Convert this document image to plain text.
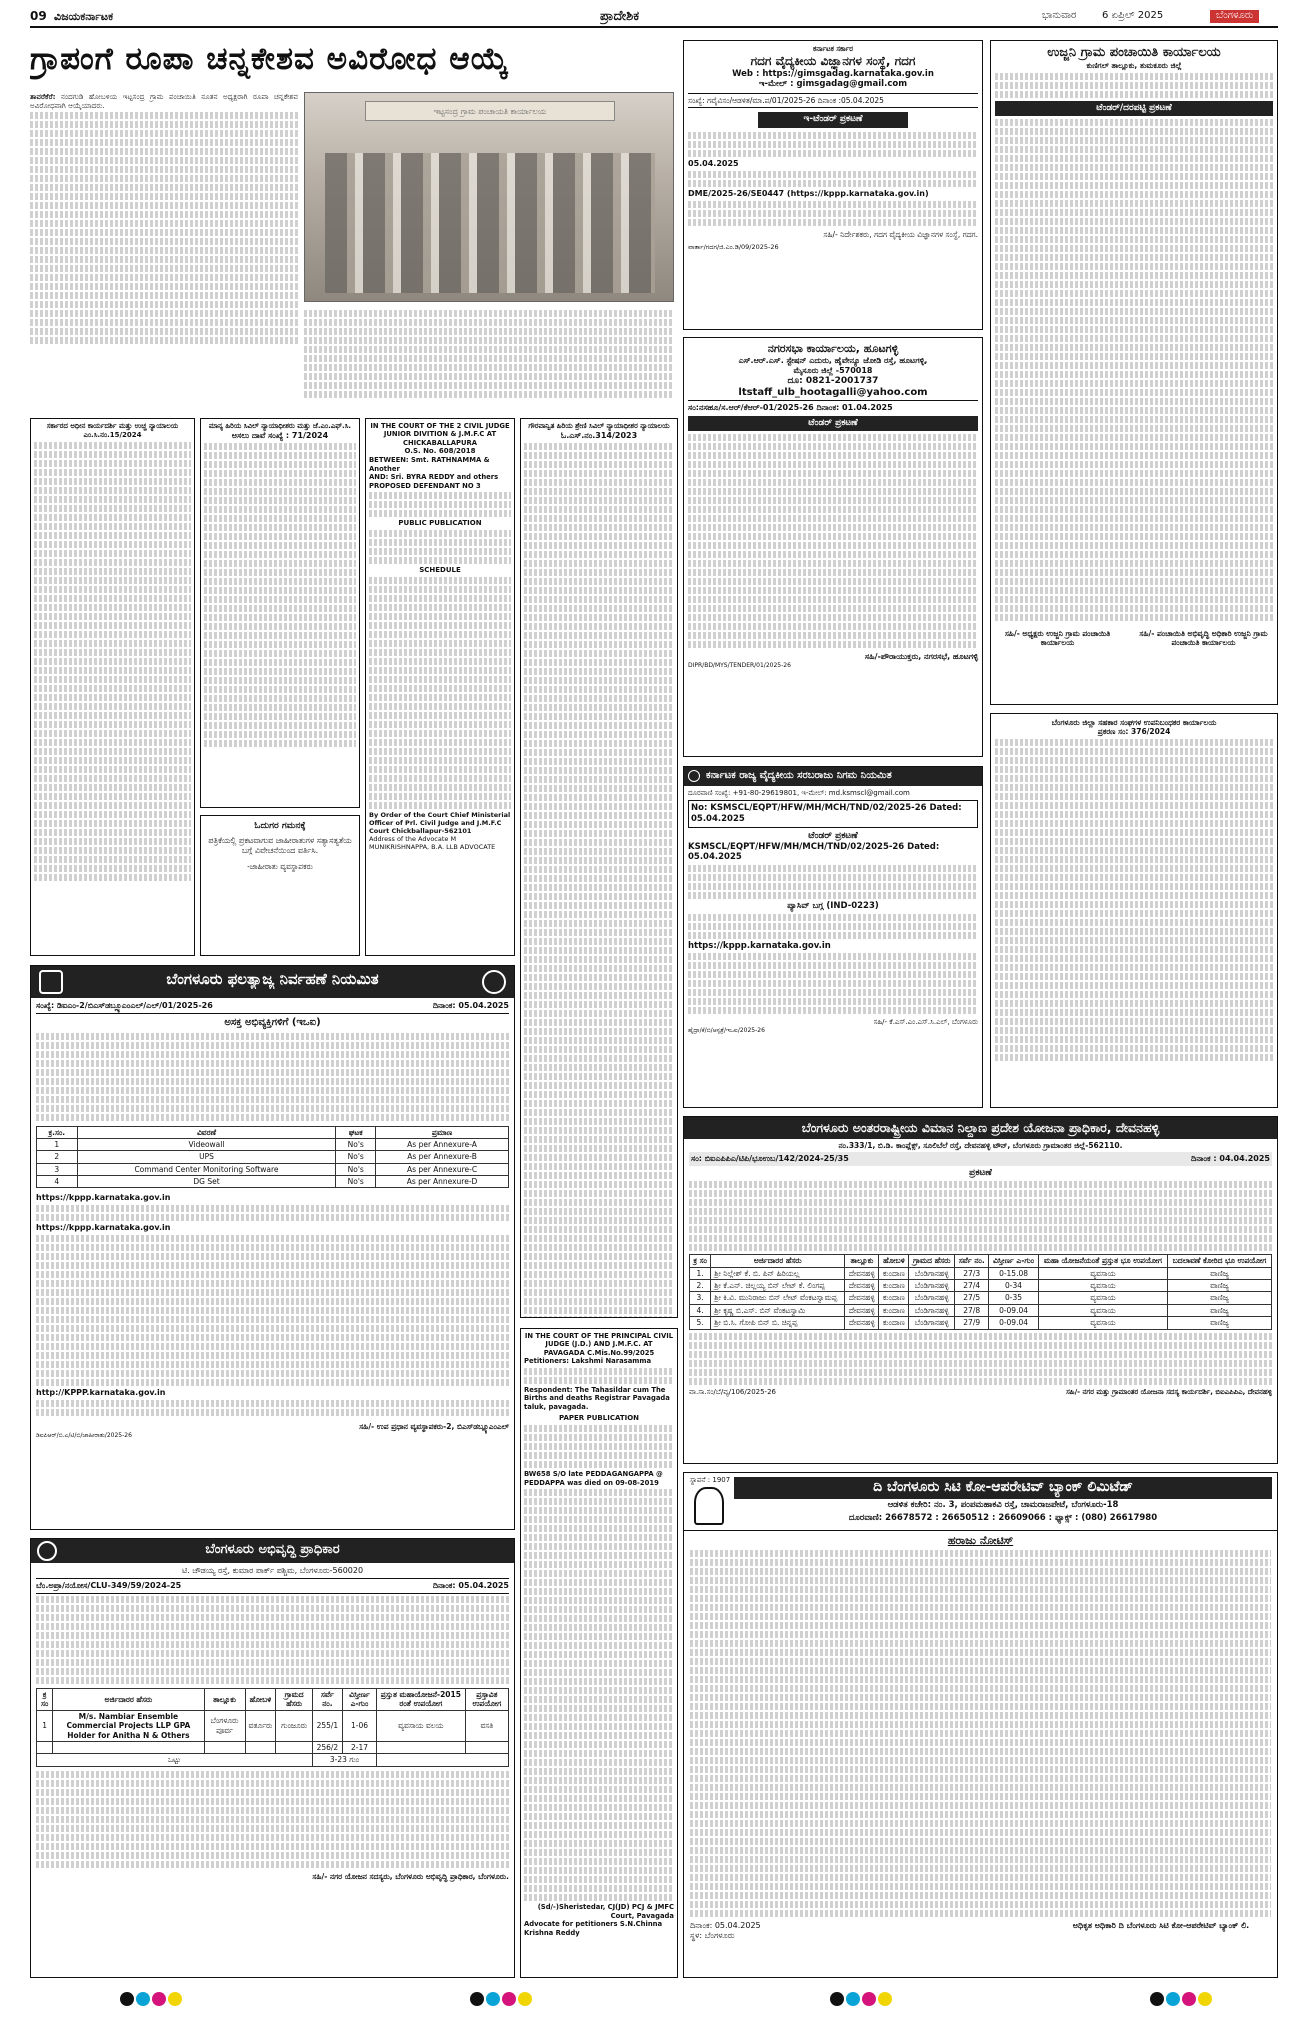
09 ವಿಜಯಕರ್ನಾಟಕ	ಪ್ರಾದೇಶಿಕ	ಭಾನುವಾರ	6 ಏಪ್ರಿಲ್ 2025	ಬೆಂಗಳೂರು
ಗ್ರಾಪಂಗೆ ರೂಪಾ ಚನ್ನಕೇಶವ ಅವಿರೋಧ ಆಯ್ಕೆ
ತಾವರೆಕೆರೆ: ನಂದಗುಡಿ ಹೋಬಳಿಯ ಇಟ್ಟಸಂದ್ರ ಗ್ರಾಮ ಪಂಚಾಯಿತಿ ನೂತನ ಅಧ್ಯಕ್ಷರಾಗಿ ರೂಪಾ ಚನ್ನಕೇಶವ ಅವಿರೋಧವಾಗಿ ಆಯ್ಕೆಯಾದರು.
ಇಟ್ಟಸಂದ್ರ ಗ್ರಾಮ ಪಂಚಾಯತಿ ಕಾರ್ಯಾಲಯ
ಕರ್ನಾಟಕ ಸರ್ಕಾರ
ಗದಗ ವೈದ್ಯಕೀಯ ವಿಜ್ಞಾನಗಳ ಸಂಸ್ಥೆ, ಗದಗ
Web : https://gimsgadag.karnataka.gov.in
ಇ-ಮೇಲ್ : gimsgadag@gmail.com
ಸಂಖ್ಯೆ: ಗವೈವಿಸಂ/ಆಡಳಿತ/ಮಾ.ಪ/01/2025-26 ದಿನಾಂಕ :05.04.2025
ಇ-ಟೆಂಡರ್ ಪ್ರಕಟಣೆ
05.04.2025
DME/2025-26/SE0447 (https://kppp.karnataka.gov.in)
ಸಹಿ/- ನಿರ್ದೇಶಕರು, ಗದಗ ವೈದ್ಯಕೀಯ ವಿಜ್ಞಾನಗಳ ಸಂಸ್ಥೆ, ಗದಗ.
ವಾರ್ತಾ/ಗದಗ/ಜಿ.ಎಂ.ಡಿ/09/2025-26
ನಗರಸಭಾ ಕಾರ್ಯಾಲಯ, ಹೂಟಗಳ್ಳಿ
ಎಸ್.ಆರ್.ಎಸ್. ಸ್ಟೇಷನ್ ಎದುರು, ಹೈವೇನ್ಯೂ ಜೋಡಿ ರಸ್ತೆ, ಹೂಟಗಳ್ಳಿ,
ಮೈಸೂರು ಜಿಲ್ಲೆ -570018
ದೂ: 0821-2001737
ltstaff_ulb_hootagalli@yahoo.com
ಸಂ:ನಸಹೂ/ಸ.ಆರ್/ಕೆಆರ್-01/2025-26 ದಿನಾಂಕ: 01.04.2025
ಟೆಂಡರ್ ಪ್ರಕಟಣೆ
ಸಹಿ/-ಪೌರಾಯುಕ್ತರು, ನಗರಸಭೆ, ಹೂಟಗಳ್ಳಿ
DIPR/BD/MYS/TENDER/01/2025-26
ಕರ್ನಾಟಕ ರಾಜ್ಯ ವೈದ್ಯಕೀಯ ಸರಬರಾಜು ನಿಗಮ ನಿಯಮಿತ
ದೂರವಾಣಿ ಸಂಖ್ಯೆ: +91-80-29619801, ಇ-ಮೇಲ್: md.ksmscl@gmail.com
No: KSMSCL/EQPT/HFW/MH/MCH/TND/02/2025-26 Dated: 05.04.2025
ಟೆಂಡರ್ ಪ್ರಕಟಣೆ
KSMSCL/EQPT/HFW/MH/MCH/TND/02/2025-26 Dated: 05.04.2025
ಪ್ಯಾಸಿವ್ ಬಗ್ಗ (IND-0223)
https://kppp.karnataka.gov.in
ಸಹಿ/- ಕೆ.ಎಸ್.ಎಂ.ಎಸ್.ಸಿ.ಎಲ್, ಬೆಂಗಳೂರು
ಹೈದ್ರಾ/ಕೆ/ಬಿ/ಆಸ್ಪತ್ರೆ/ಇಒಐ/2025-26
ಉಜ್ಜನಿ ಗ್ರಾಮ ಪಂಚಾಯಿತಿ ಕಾರ್ಯಾಲಯ
ಕುಣಿಗಲ್ ತಾಲ್ಲೂಕು, ತುಮಕೂರು ಜಿಲ್ಲೆ
ಟೆಂಡರ್/ದರಪಟ್ಟಿ ಪ್ರಕಟಣೆ
ಸಹಿ/- ಅಧ್ಯಕ್ಷರು ಉಜ್ಜನಿ ಗ್ರಾಮ ಪಂಚಾಯಿತಿ ಕಾರ್ಯಾಲಯ
ಸಹಿ/- ಪಂಚಾಯಿತಿ ಅಭಿವೃದ್ಧಿ ಅಧಿಕಾರಿ ಉಜ್ಜನಿ ಗ್ರಾಮ ಪಂಚಾಯಿತಿ ಕಾರ್ಯಾಲಯ
ಬೆಂಗಳೂರು ಜಿಲ್ಲಾ ಸಹಕಾರ ಸಂಘಗಳ ಉಪನಿಬಂಧಕರ ಕಾರ್ಯಾಲಯ
ಪ್ರಕರಣ ಸಂ: 376/2024
ಸರ್ಕಾರದ ಅಧೀನ ಕಾರ್ಯದರ್ಶಿ ಮತ್ತು ಉಚ್ಚ ನ್ಯಾಯಾಲಯ
ಎಂ.ಸಿ.ನಂ.15/2024
ಮಾನ್ಯ ಹಿರಿಯ ಸಿವಿಲ್ ನ್ಯಾಯಾಧೀಶರು ಮತ್ತು ಜೆ.ಎಂ.ಎಫ್.ಸಿ.
ಅಸಲು ದಾವೆ ಸಂಖ್ಯೆ : 71/2024
ಓದುಗರ ಗಮನಕ್ಕೆ
ಪತ್ರಿಕೆಯಲ್ಲಿ ಪ್ರಕಟವಾಗುವ ಜಾಹೀರಾತುಗಳ ಸತ್ಯಾಸತ್ಯತೆಯ ಬಗ್ಗೆ ವಿವೇಚನೆಯಿಂದ ವರ್ತಿಸಿ.
-ಜಾಹೀರಾತು ವ್ಯವಸ್ಥಾಪಕರು
IN THE COURT OF THE 2 CIVIL JUDGE JUNIOR DIVITION & J.M.F.C AT CHICKABALLAPURA
O.S. No. 608/2018
BETWEEN: Smt. RATHNAMMA & Another
AND: Sri. BYRA REDDY and others
PROPOSED DEFENDANT NO 3
PUBLIC PUBLICATION
SCHEDULE
By Order of the Court Chief Ministerial Officer of Prl. Civil Judge and J.M.F.C Court Chickballapur-562101
Address of the Advocate M MUNIKRISHNAPPA, B.A. LLB ADVOCATE
ಗೌರವಾನ್ವಿತ ಹಿರಿಯ ಶ್ರೇಣಿ ಸಿವಿಲ್ ನ್ಯಾಯಾಧೀಶರ ನ್ಯಾಯಾಲಯ
ಓ.ಎಸ್.ನಂ.314/2023
ಬೆಂಗಳೂರು ಫಲತ್ಯಾಜ್ಯ ನಿರ್ವಹಣೆ ನಿಯಮಿತ
ಸಂಖ್ಯೆ: ಡಿಐಎಂ-2/ಬಿಎಸ್‌ಡಬ್ಲ್ಯೂಎಂಎಲ್/ಎಲ್/01/2025-26	ದಿನಾಂಕ: 05.04.2025
ಅಸಕ್ತ ಅಭಿವ್ಯಕ್ತಿಗಳಿಗೆ (ಇಒಐ)
ಕ್ರ.ಸಂ.	ವಿವರಣೆ	ಘಟಕ	ಪ್ರಮಾಣ
1	Videowall	No's	As per Annexure-A
2	UPS	No's	As per Annexure-B
3	Command Center Monitoring Software	No's	As per Annexure-C
4	DG Set	No's	As per Annexure-D
https://kppp.karnataka.gov.in
https://kppp.karnataka.gov.in
http://KPPP.karnataka.gov.in
ಸಹಿ/- ಉಪ ಪ್ರಧಾನ ವ್ಯವಸ್ಥಾಪಕರು-2, ಬಿಎಸ್‌ಡಬ್ಲ್ಯೂಎಂಎಲ್
ಡಿಐಪಿಆರ್/ಬಿ.ಎ/ಟಿ/ಬಿ/ಜಾಹೀರಾತು/2025-26
ಬೆಂಗಳೂರು ಅಭಿವೃದ್ಧಿ ಪ್ರಾಧಿಕಾರ
ಟಿ. ಚೌಡಯ್ಯ ರಸ್ತೆ, ಕುಮಾರ ಪಾರ್ಕ್ ಪಶ್ಚಿಮ, ಬೆಂಗಳೂರು-560020
ಬೆಂ.ಅಪ್ರಾ/ನಯೋಸ/CLU-349/59/2024-25	ದಿನಾಂಕ: 05.04.2025
ಕ್ರ ಸಂ	ಅರ್ಜಿದಾರರ ಹೆಸರು	ತಾಲ್ಲೂಕು	ಹೋಬಳಿ	ಗ್ರಾಮದ ಹೆಸರು	ಸರ್ವೆ ನಂ.	ವಿಸ್ತೀರ್ಣ ಎ-ಗುಂ	ಪ್ರಸ್ತುತ ಮಹಾಯೋಜನೆ-2015 ರಂತೆ ಉಪಯೋಗ	ಪ್ರಸ್ತಾವಿತ ಉಪಯೋಗ
1	M/s. Nambiar Ensemble Commercial Projects LLP GPA Holder for Anitha N & Others	ಬೆಂಗಳೂರು ಪೂರ್ವ	ವರ್ತೂರು	ಗುಂಜೂರು	255/1	1-06	ವ್ಯವಸಾಯ ವಲಯ	ವಸತಿ
					256/2	2-17		
ಒಟ್ಟು					3-23 ಗುಂ			
ಸಹಿ/- ನಗರ ಯೋಜನ ಸದಸ್ಯರು, ಬೆಂಗಳೂರು ಅಭಿವೃದ್ಧಿ ಪ್ರಾಧಿಕಾರ, ಬೆಂಗಳೂರು.
IN THE COURT OF THE PRINCIPAL CIVIL JUDGE (J.D.) AND J.M.F.C. AT PAVAGADA C.Mis.No.99/2025
Petitioners: Lakshmi Narasamma
Respondent: The Tahasildar cum The Births and deaths Registrar Pavagada taluk, pavagada.
PAPER PUBLICATION
BW658 S/O late PEDDAGANGAPPA @ PEDDAPPA was died on 09-08-2019
(Sd/-)Sheristedar, CJ(JD) PCJ & JMFC Court, Pavagada
Advocate for petitioners S.N.Chinna Krishna Reddy
ಬೆಂಗಳೂರು ಅಂತರರಾಷ್ಟ್ರೀಯ ವಿಮಾನ ನಿಲ್ದಾಣ ಪ್ರದೇಶ ಯೋಜನಾ ಪ್ರಾಧಿಕಾರ, ದೇವನಹಳ್ಳಿ
ನಂ.333/1, ಬಿ.ಡಿ. ಕಾಂಪ್ಲೆಕ್ಸ್, ಸೂಲಿಬೆಲೆ ರಸ್ತೆ, ದೇವನಹಳ್ಳಿ ಟೌನ್, ಬೆಂಗಳೂರು ಗ್ರಾಮಾಂತರ ಜಿಲ್ಲೆ-562110.
ಸಂ: ಬಿಐಎಪಿಪಿಎ/ಟಿಪಿ/ಭೂಉಬ/142/2024-25/35	ದಿನಾಂಕ : 04.04.2025
ಪ್ರಕಟಣೆ
ಕ್ರ ಸಂ	ಅರ್ಜಿದಾರರ ಹೆಸರು	ತಾಲ್ಲೂಕು	ಹೋಬಳಿ	ಗ್ರಾಮದ ಹೆಸರು	ಸರ್ವೆ ನಂ.	ವಿಸ್ತೀರ್ಣ ಎ-ಗುಂ	ಮಹಾ ಯೋಜನೆಯಂತೆ ಪ್ರಸ್ತುತ ಭೂ ಉಪಯೋಗ	ಬದಲಾವಣೆ ಕೋರಿದ ಭೂ ಉಪಯೋಗ
1.	ಶ್ರೀ ನಿಲ್ಲೇಶ್ ಕೆ. ಬಿ. ಪಿನ್ ಹಿರಿಯಲ್ಲ	ದೇವನಹಳ್ಳಿ	ಕುಂದಾಣ	ಬೆಂಡಿಗಾನಹಳ್ಳಿ	27/3	0-15.08	ವ್ಯವಸಾಯ	ವಾಣಿಜ್ಯ
2.	ಶ್ರೀ ಕೆ.ಎನ್. ಚಿಲ್ಲಯ್ಯ ಬಿನ್ ಲೇಟ್ ಕೆ. ಲಿಂಗಪ್ಪ	ದೇವನಹಳ್ಳಿ	ಕುಂದಾಣ	ಬೆಂಡಿಗಾನಹಳ್ಳಿ	27/4	0-34	ವ್ಯವಸಾಯ	ವಾಣಿಜ್ಯ
3.	ಶ್ರೀ ಕಿ.ವಿ. ಮುನಿರಾಜು ಬಿನ್ ಲೇಟ್ ವೆಂಕಟಸ್ವಾಮಪ್ಪ	ದೇವನಹಳ್ಳಿ	ಕುಂದಾಣ	ಬೆಂಡಿಗಾನಹಳ್ಳಿ	27/5	0-35	ವ್ಯವಸಾಯ	ವಾಣಿಜ್ಯ
4.	ಶ್ರೀ ಕೃಷ್ಣ ಬಿ.ಎಸ್. ಬಿನ್ ವೆಂಕಟಸ್ವಾಮಿ	ದೇವನಹಳ್ಳಿ	ಕುಂದಾಣ	ಬೆಂಡಿಗಾನಹಳ್ಳಿ	27/8	0-09.04	ವ್ಯವಸಾಯ	ವಾಣಿಜ್ಯ
5.	ಶ್ರೀ ಬಿ.ಸಿ. ಗೋಪಿ ಬಿನ್ ಬಿ. ಚಿನ್ನಪ್ಪ	ದೇವನಹಳ್ಳಿ	ಕುಂದಾಣ	ಬೆಂಡಿಗಾನಹಳ್ಳಿ	27/9	0-09.04	ವ್ಯವಸಾಯ	ವಾಣಿಜ್ಯ
ವಾ.ಸಾ.ಸಂ/ಬೆ/ವ್ಯ/106/2025-26	ಸಹಿ/- ನಗರ ಮತ್ತು ಗ್ರಾಮಾಂತರ ಯೋಜನಾ ಸದಸ್ಯ ಕಾರ್ಯದರ್ಶಿ, ಬಿಐಎಪಿಪಿಎ, ದೇವನಹಳ್ಳಿ
ಸ್ಥಾಪನೆ : 1907	ದಿ ಬೆಂಗಳೂರು ಸಿಟಿ ಕೋ-ಆಪರೇಟಿವ್ ಬ್ಯಾಂಕ್ ಲಿಮಿಟೆಡ್
ಆಡಳಿತ ಕಚೇರಿ: ನಂ. 3, ಪಂಪಮಹಾಕವಿ ರಸ್ತೆ, ಚಾಮರಾಜಪೇಟೆ, ಬೆಂಗಳೂರು-18
ದೂರವಾಣಿ: 26678572 : 26650512 : 26609066 : ಫ್ಯಾಕ್ಸ್ : (080) 26617980
ಹರಾಜು ನೋಟಿಸ್
ದಿನಾಂಕ: 05.04.2025
ಸ್ಥಳ: ಬೆಂಗಳೂರು
ಅಧಿಕೃತ ಅಧಿಕಾರಿ ದಿ ಬೆಂಗಳೂರು ಸಿಟಿ ಕೋ-ಆಪರೇಟಿವ್ ಬ್ಯಾಂಕ್ ಲಿ.
